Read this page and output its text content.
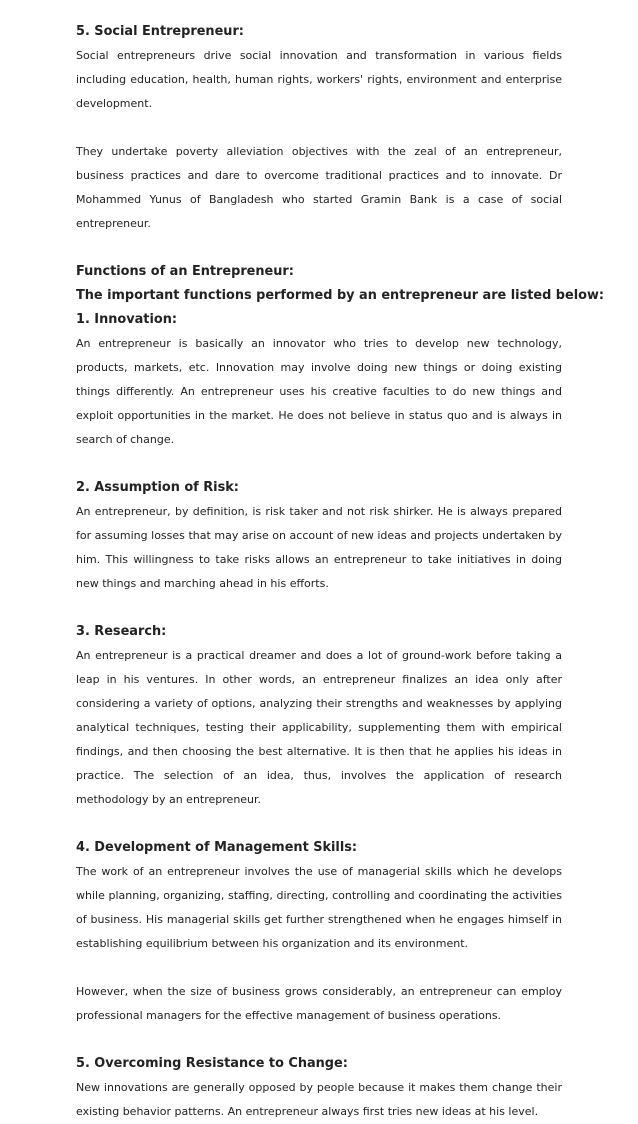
5. Social Entrepreneur:

Social entrepreneurs drive social innovation and transformation in various fields including education, health, human rights, workers' rights, environment and enterprise development.

They undertake poverty alleviation objectives with the zeal of an entrepreneur, business practices and dare to overcome traditional practices and to innovate. Dr Mohammed Yunus of Bangladesh who started Gramin Bank is a case of social entrepreneur.

Functions of an Entrepreneur:
The important functions performed by an entrepreneur are listed below:
1. Innovation:

An entrepreneur is basically an innovator who tries to develop new technology, products, markets, etc. Innovation may involve doing new things or doing existing things differently. An entrepreneur uses his creative faculties to do new things and exploit opportunities in the market. He does not believe in status quo and is always in search of change.

2. Assumption of Risk:

An entrepreneur, by definition, is risk taker and not risk shirker. He is always prepared for assuming losses that may arise on account of new ideas and projects undertaken by him. This willingness to take risks allows an entrepreneur to take initiatives in doing new things and marching ahead in his efforts.

3. Research:

An entrepreneur is a practical dreamer and does a lot of ground-work before taking a leap in his ventures. In other words, an entrepreneur finalizes an idea only after considering a variety of options, analyzing their strengths and weaknesses by applying analytical techniques, testing their applicability, supplementing them with empirical findings, and then choosing the best alternative. It is then that he applies his ideas in practice. The selection of an idea, thus, involves the application of research methodology by an entrepreneur.

4. Development of Management Skills:

The work of an entrepreneur involves the use of managerial skills which he develops while planning, organizing, staffing, directing, controlling and coordinating the activities of business. His managerial skills get further strengthened when he engages himself in establishing equilibrium between his organization and its environment.

However, when the size of business grows considerably, an entrepreneur can employ professional managers for the effective management of business operations.

5. Overcoming Resistance to Change:

New innovations are generally opposed by people because it makes them change their existing behavior patterns. An entrepreneur always first tries new ideas at his level.
